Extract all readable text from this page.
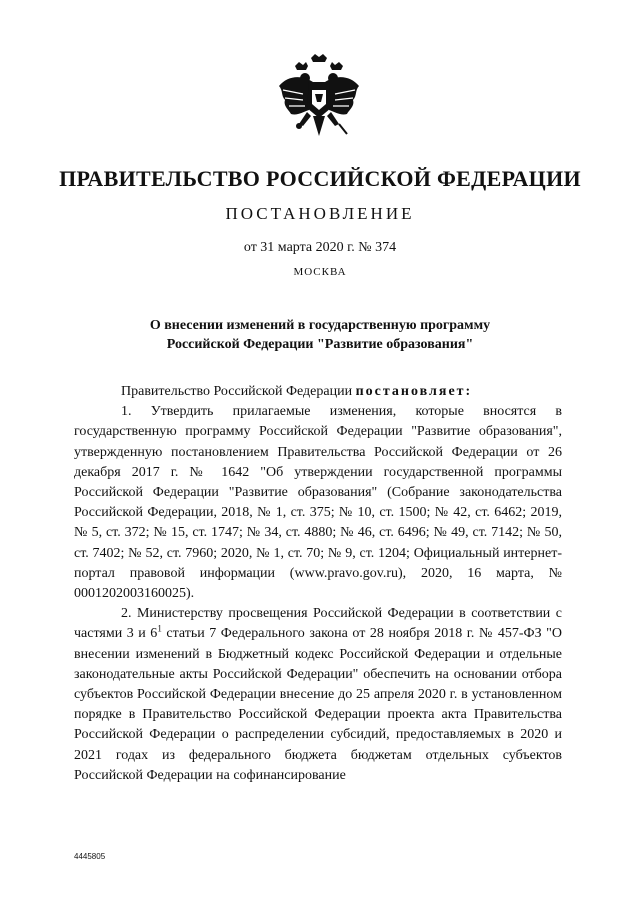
ПРАВИТЕЛЬСТВО РОССИЙСКОЙ ФЕДЕРАЦИИ
ПОСТАНОВЛЕНИЕ
от 31 марта 2020 г. № 374
МОСКВА
О внесении изменений в государственную программу
Российской Федерации "Развитие образования"

Правительство Российской Федерации постановляет:

1. Утвердить прилагаемые изменения, которые вносятся в государственную программу Российской Федерации "Развитие образования", утвержденную постановлением Правительства Российской Федерации от 26 декабря 2017 г. № 1642 "Об утверждении государственной программы Российской Федерации "Развитие образования" (Собрание законодательства Российской Федерации, 2018, № 1, ст. 375; № 10, ст. 1500; № 42, ст. 6462; 2019, № 5, ст. 372; № 15, ст. 1747; № 34, ст. 4880; № 46, ст. 6496; № 49, ст. 7142; № 50, ст. 7402; № 52, ст. 7960; 2020, № 1, ст. 70; № 9, ст. 1204; Официальный интернет-портал правовой информации (www.pravo.gov.ru), 2020, 16 марта, № 0001202003160025).

2. Министерству просвещения Российской Федерации в соответствии с частями 3 и $6^1$ статьи 7 Федерального закона от 28 ноября 2018 г. № 457-ФЗ "О внесении изменений в Бюджетный кодекс Российской Федерации и отдельные законодательные акты Российской Федерации" обеспечить на основании отбора субъектов Российской Федерации внесение до 25 апреля 2020 г. в установленном порядке в Правительство Российской Федерации проекта акта Правительства Российской Федерации о распределении субсидий, предоставляемых в 2020 и 2021 годах из федерального бюджета бюджетам отдельных субъектов Российской Федерации на софинансирование

4445805
